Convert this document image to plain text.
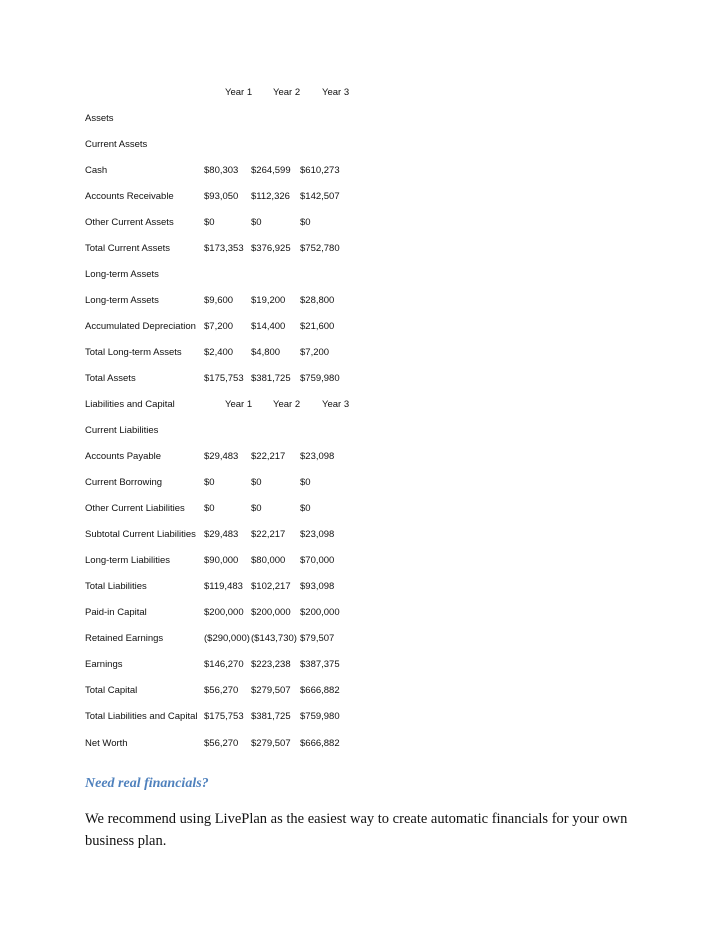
Year 1 Year 2 Year 3
Assets
Current Assets
Cash	$80,303 $264,599 $610,273
Accounts Receivable	$93,050 $112,326 $142,507
Other Current Assets	$0	$0	$0
Total Current Assets	$173,353 $376,925 $752,780
Long-term Assets
Long-term Assets	$9,600 $19,200 $28,800
Accumulated Depreciation $7,200 $14,400 $21,600
Total Long-term Assets $2,400 $4,800 $7,200
Total Assets	$175,753 $381,725 $759,980
Liabilities and Capital	Year 1 Year 2 Year 3
Current Liabilities
Accounts Payable	$29,483 $22,217 $23,098
Current Borrowing	$0	$0	$0
Other Current Liabilities $0	$0	$0
Subtotal Current Liabilities $29,483 $22,217 $23,098
Long-term Liabilities	$90,000 $80,000 $70,000
Total Liabilities	$119,483 $102,217 $93,098
Paid-in Capital	$200,000 $200,000 $200,000
Retained Earnings	($290,000) ($143,730) $79,507
Earnings	$146,270 $223,238 $387,375
Total Capital	$56,270 $279,507 $666,882
Total Liabilities and Capital $175,753 $381,725 $759,980
Net Worth	$56,270 $279,507 $666,882
Need real financials?
We recommend using LivePlan as the easiest way to create automatic financials for your own business plan.
